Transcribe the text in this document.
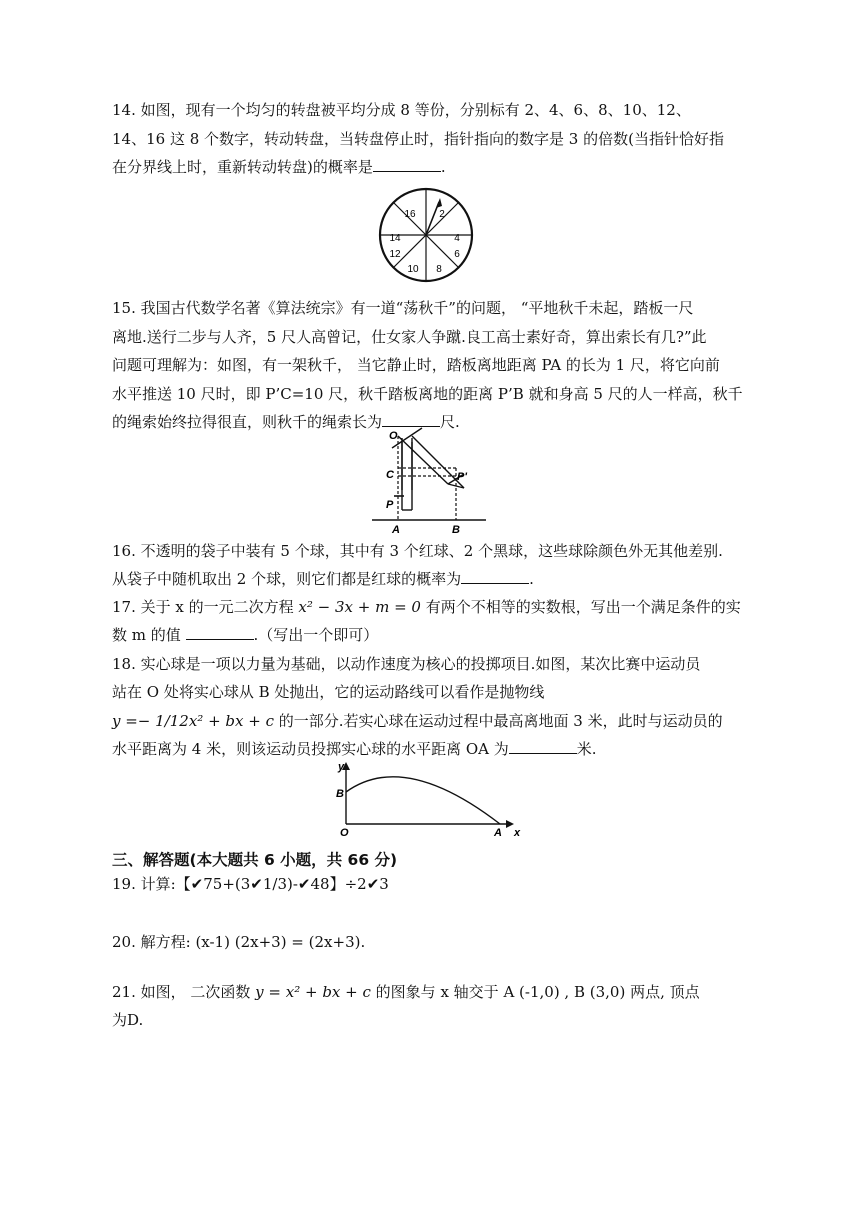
14. 如图，现有一个均匀的转盘被平均分成 8 等份，分别标有 2、4、6、8、10、12、
14、16 这 8 个数字，转动转盘，当转盘停止时，指针指向的数字是 3 的倍数(当指针恰好指
在分界线上时，重新转动转盘)的概率是	.
2
4
6
8
10
12
14
16
15. 我国古代数学名著《算法统宗》有一道“荡秋千”的问题， “平地秋千未起，踏板一尺
离地.送行二步与人齐，5 尺人高曾记，仕女家人争蹴.良工高士素好奇，算出索长有几?”此
问题可理解为：如图，有一架秋千， 当它静止时，踏板离地距离 PA 的长为 1 尺，将它向前
水平推送 10 尺时，即 P’C=10 尺，秋千踏板离地的距离 P’B 就和身高 5 尺的人一样高，秋千
的绳索始终拉得很直，则秋千的绳索长为	尺.
O
C
P
P'
A	B
16. 不透明的袋子中装有 5 个球，其中有 3 个红球、2 个黑球，这些球除颜色外无其他差别.
从袋子中随机取出 2 个球，则它们都是红球的概率为	.
17. 关于 x 的一元二次方程 x² − 3x + m = 0 有两个不相等的实数根，写出一个满足条件的实
数 m 的值	.（写出一个即可）
18. 实心球是一项以力量为基础，以动作速度为核心的投掷项目.如图，某次比赛中运动员
站在 O 处将实心球从 B 处抛出，它的运动路线可以看作是抛物线
y =− 1/12x² + bx + c 的一部分.若实心球在运动过程中最高离地面 3 米，此时与运动员的
水平距离为 4 米，则该运动员投掷实心球的水平距离 OA 为	米.
y
B
O	A x
三、解答题(本大题共 6 小题，共 66 分)
19. 计算:【✔75+(3✔1/3)-✔48】÷2✔3
20. 解方程: (x-1) (2x+3) = (2x+3).
21. 如图， 二次函数 y = x² + bx + c 的图象与 x 轴交于 A (-1,0) , B (3,0) 两点, 顶点
为D.
